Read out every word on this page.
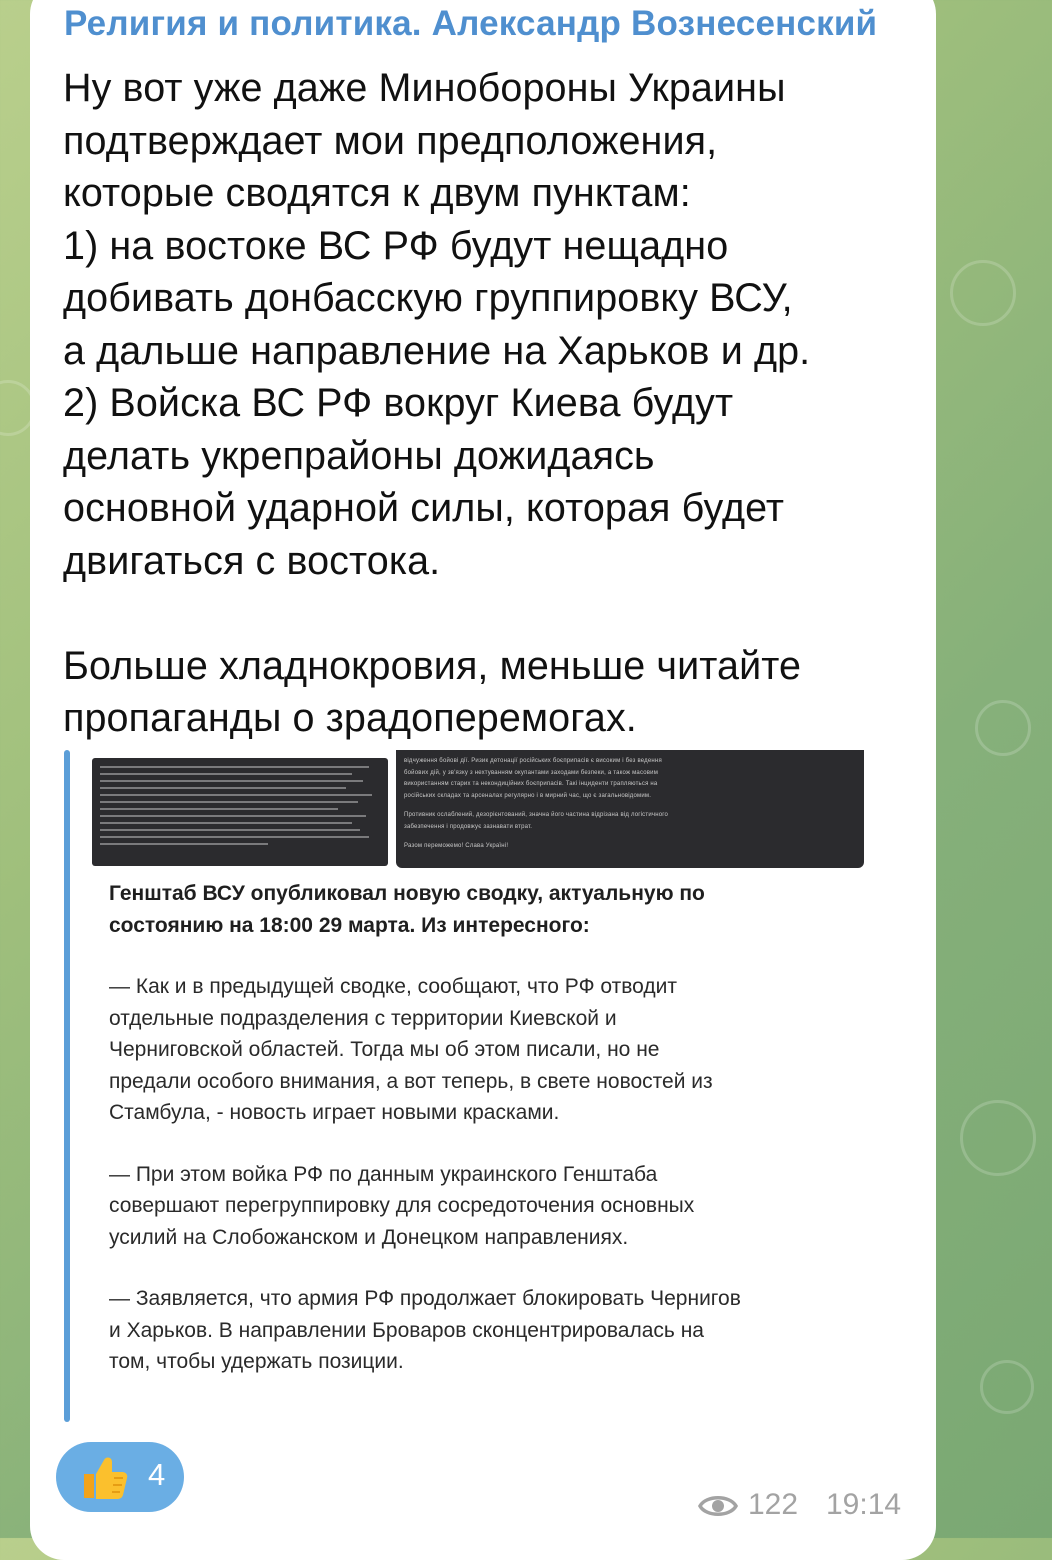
Религия и политика. Александр Вознесенский

Ну вот уже даже Минобороны Украины

подтверждает мои предположения,

которые сводятся к двум пунктам:

1) на востоке ВС РФ будут нещадно

добивать донбасскую группировку ВСУ,

а дальше направление на Харьков и др.

2) Войска ВС РФ вокруг Киева будут

делать укрепрайоны дожидаясь

основной ударной силы, которая будет

двигаться с востока.

Больше хладнокровия, меньше читайте

пропаганды о зрадоперемогах.

відчуження бойові дії. Ризик детонації російських боєприпасів є високим і без ведення
бойових дій, у зв'язку з нехтуванням окупантами заходами безпеки, а також масовим
використанням старих та некондиційних боєприпасів. Такі інциденти трапляються на
російських складах та арсеналах регулярно і в мирний час, що є загальновідомим.
Противник ослаблений, дезорієнтований, значна його частина відрізана від логістичного
забезпечення і продовжує зазнавати втрат.
Разом переможемо! Слава Україні!
Генштаб ВСУ опубликовал новую сводку, актуальную по
состоянию на 18:00 29 марта. Из интересного:
— Как и в предыдущей сводке, сообщают, что РФ отводит
отдельные подразделения с территории Киевской и
Черниговской областей. Тогда мы об этом писали, но не
предали особого внимания, а вот теперь, в свете новостей из
Стамбула, - новость играет новыми красками.
— При этом войка РФ по данным украинского Генштаба
совершают перегруппировку для сосредоточения основных
усилий на Слобожанском и Донецком направлениях.
— Заявляется, что армия РФ продолжает блокировать Чернигов
и Харьков. В направлении Броваров сконцентрировалась на
том, чтобы удержать позиции.
4
122 19:14
